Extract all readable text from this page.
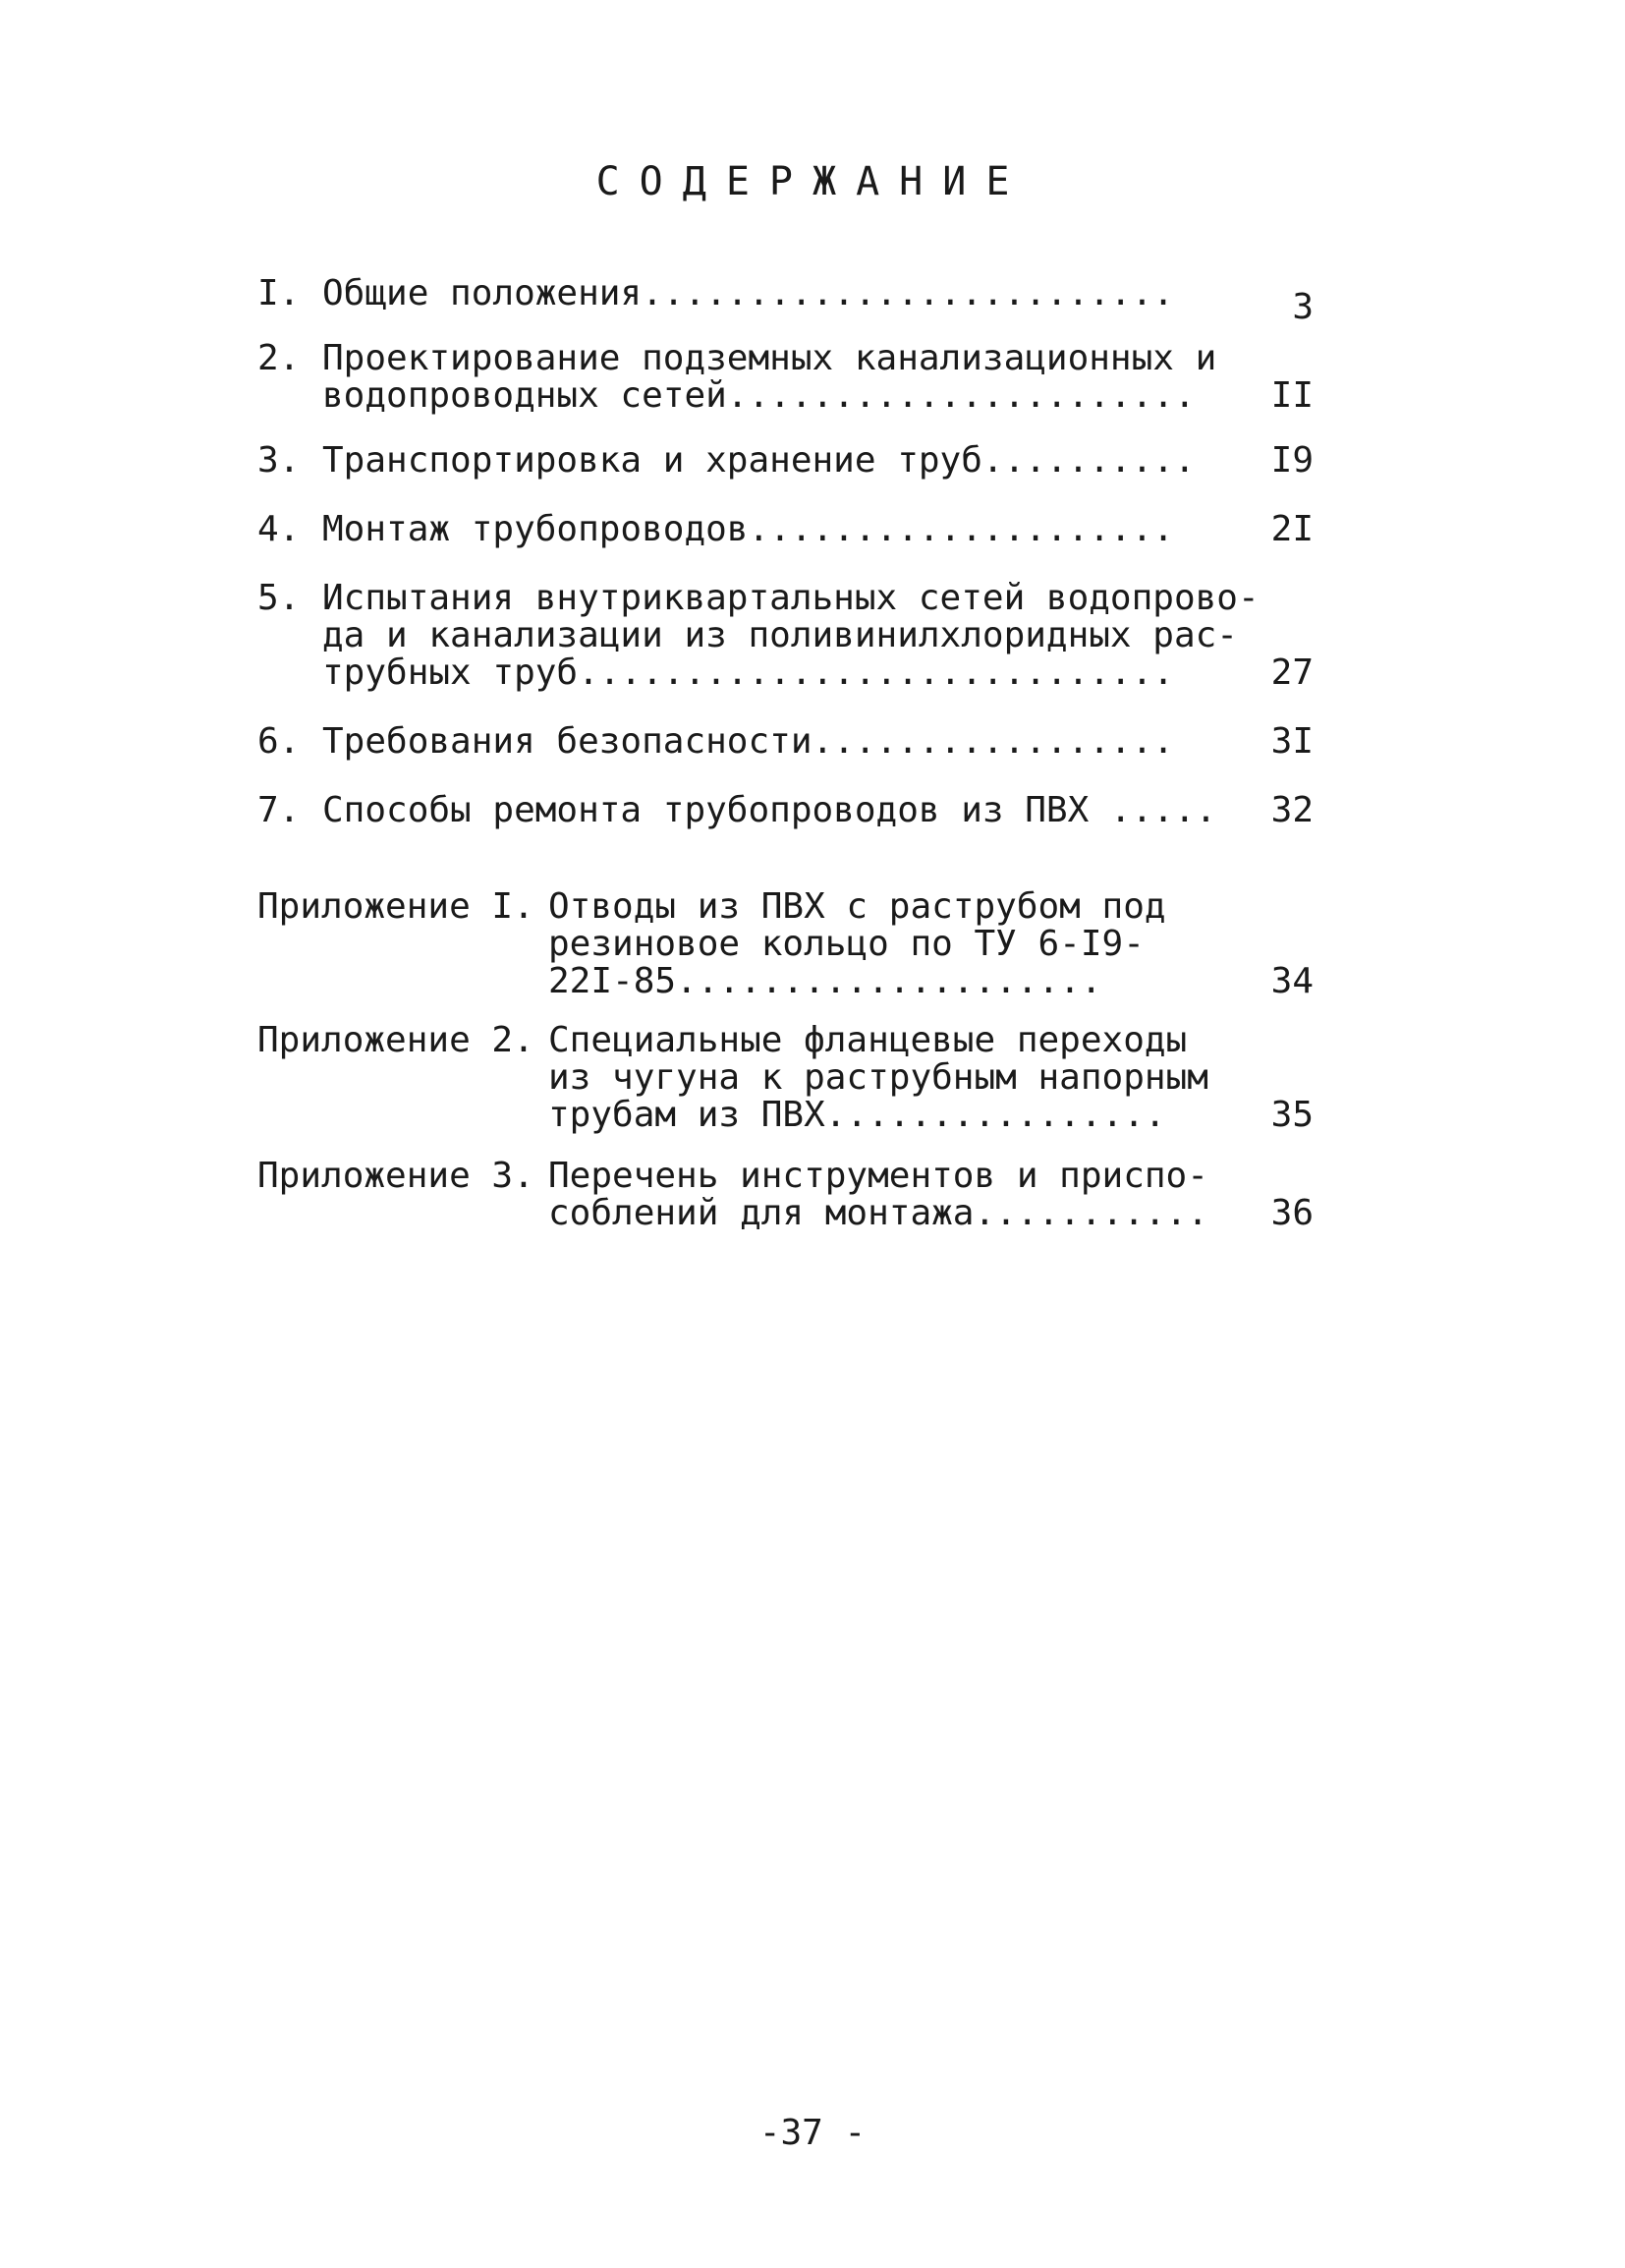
СОДЕРЖАНИЕ
I. Общие положения.........................	3
2. Проектирование подземных канализационных и
водопроводных сетей......................	II
3. Транспортировка и хранение труб..........	I9
4. Монтаж трубопроводов....................	2I
5. Испытания внутриквартальных сетей водопрово-
да и канализации из поливинилхлоридных рас-
трубных труб............................	27
6. Требования безопасности.................	3I
7. Способы ремонта трубопроводов из ПВХ .....	32
Приложение I. Отводы из ПВХ с раструбом под
резиновое кольцо по ТУ 6-I9-
22I-85....................	34
Приложение 2. Специальные фланцевые переходы
из чугуна к раструбным напорным
трубам из ПВХ................	35
Приложение 3. Перечень инструментов и приспо-
соблений для монтажа...........	36
-37 -
